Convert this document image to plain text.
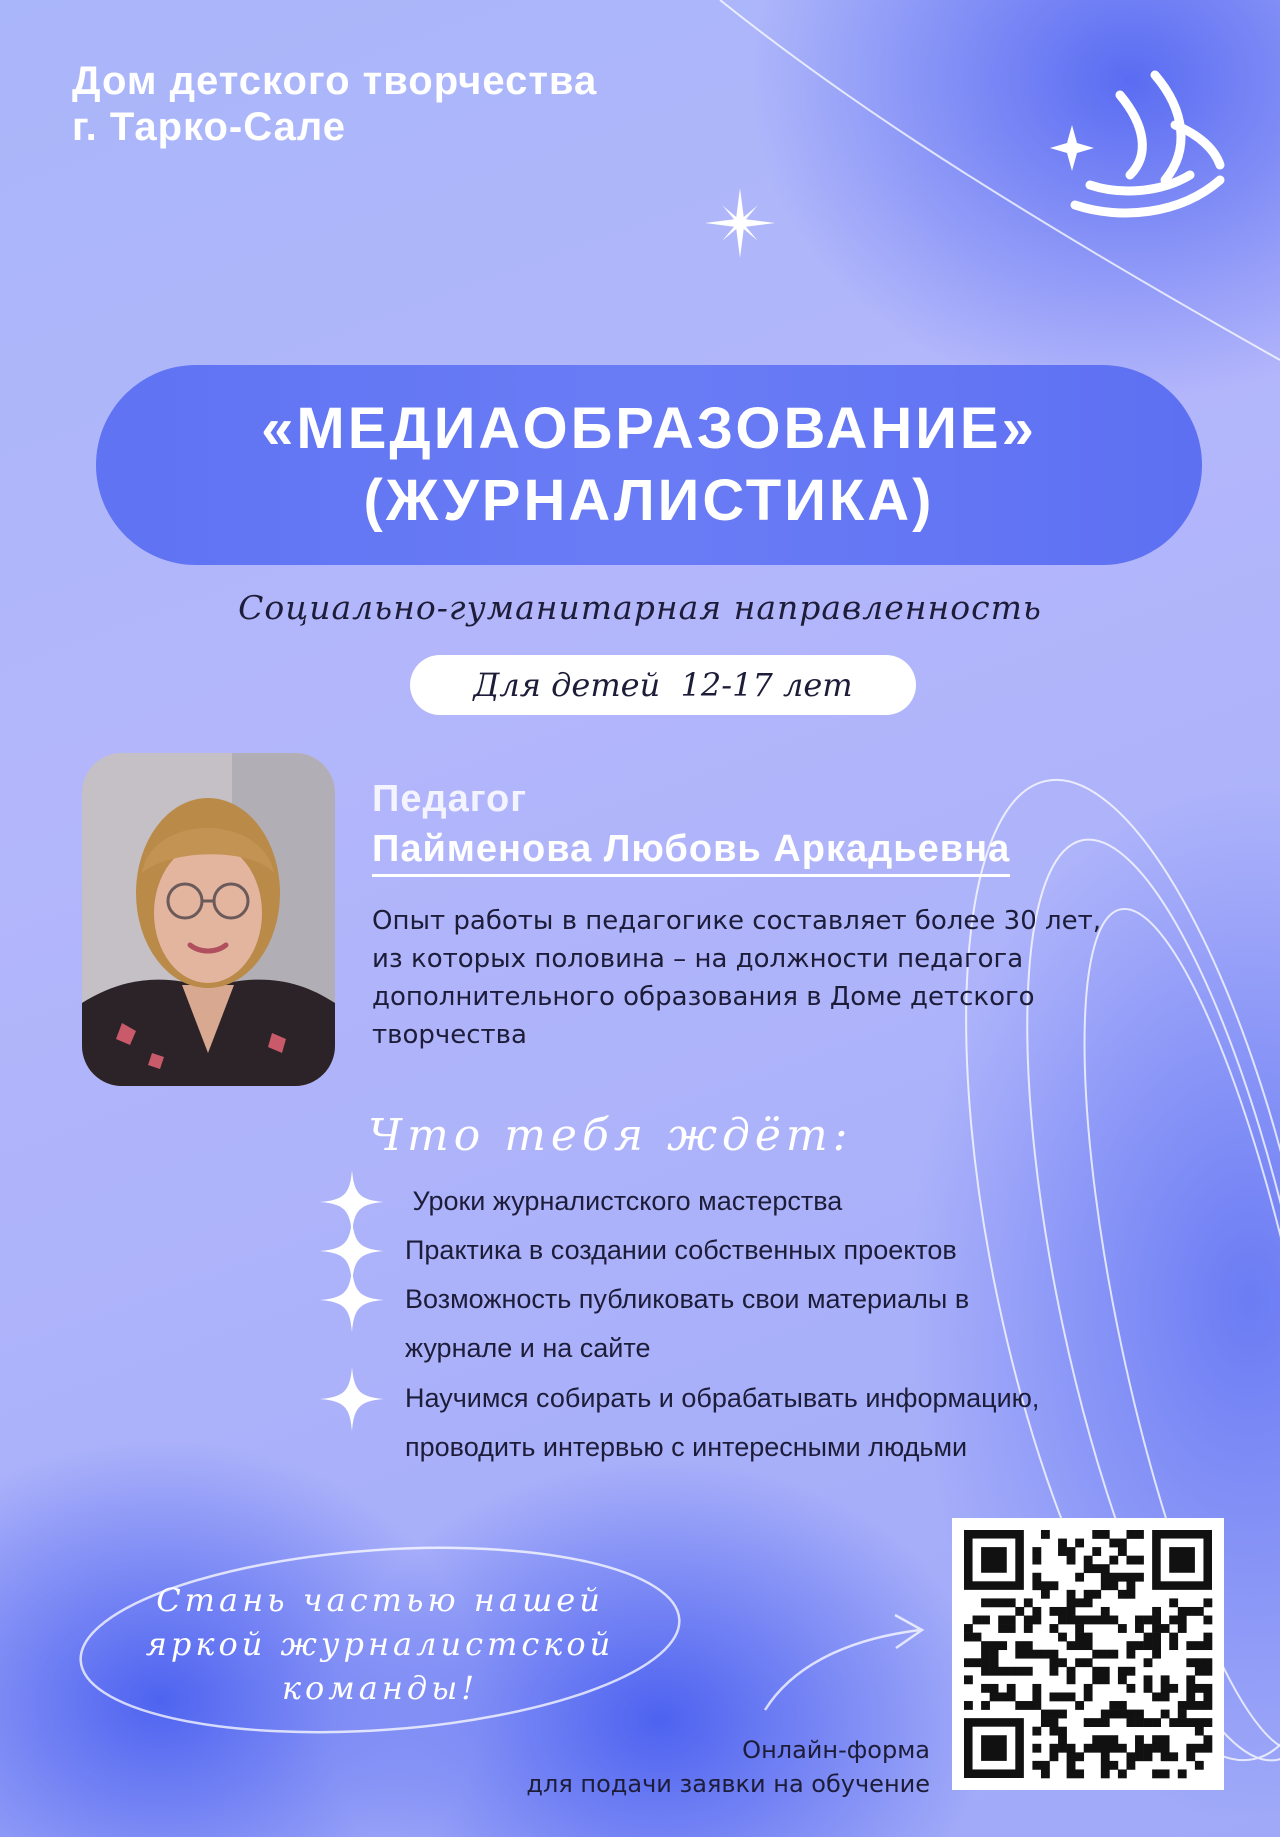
Дом детского творчества
г. Тарко-Сале
«МЕДИАОБРАЗОВАНИЕ»
(ЖУРНАЛИСТИКА)
Социально-гуманитарная направленность
Для детей  12-17 лет
Педагог
Пайменова Любовь Аркадьевна
Опыт работы в педагогике составляет более 30 лет,
из которых половина – на должности педагога
дополнительного образования в Доме детского
творчества
Что тебя ждёт:
Уроки журналистского мастерства
Практика в создании собственных проектов
Возможность публиковать свои материалы в
журнале и на сайте
Научимся собирать и обрабатывать информацию,
проводить интервью с интересными людьми
Стань частью нашей
яркой журналистской
команды!
Онлайн-форма
для подачи заявки на обучение
